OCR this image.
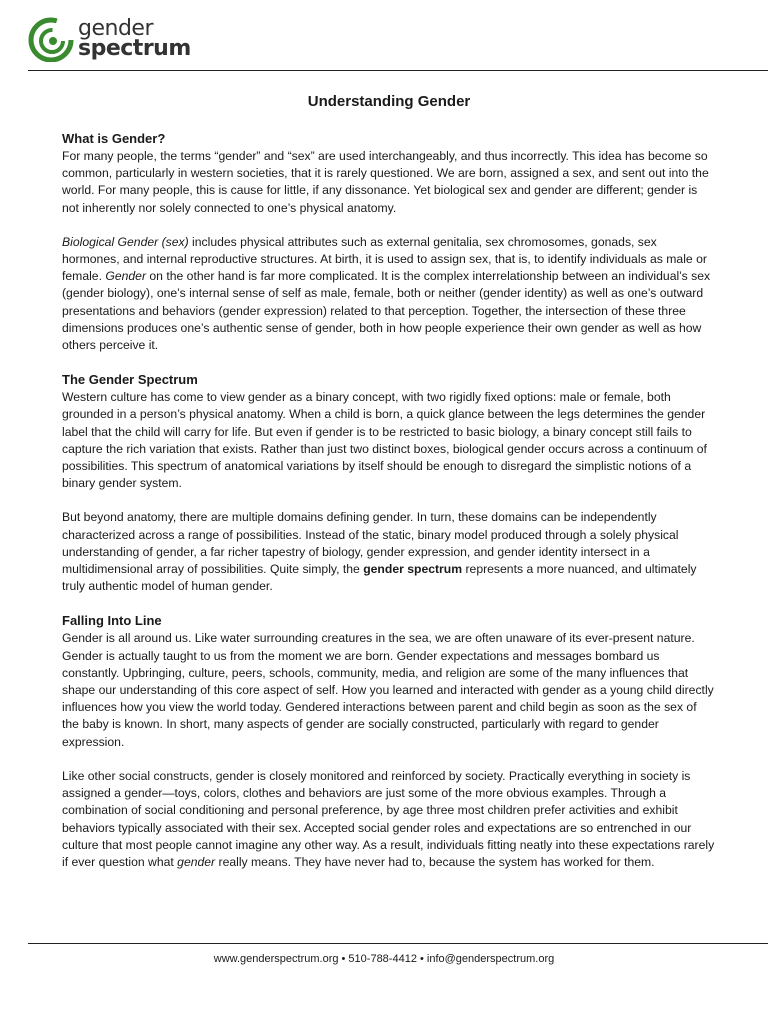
gender
spectrum
Understanding Gender
What is Gender?

For many people, the terms “gender” and “sex” are used interchangeably, and thus incorrectly. This idea has become so common, particularly in western societies, that it is rarely questioned. We are born, assigned a sex, and sent out into the world. For many people, this is cause for little, if any dissonance. Yet biological sex and gender are different; gender is not inherently nor solely connected to one’s physical anatomy.

Biological Gender (sex) includes physical attributes such as external genitalia, sex chromosomes, gonads, sex hormones, and internal reproductive structures. At birth, it is used to assign sex, that is, to identify individuals as male or female. Gender on the other hand is far more complicated. It is the complex interrelationship between an individual’s sex (gender biology), one’s internal sense of self as male, female, both or neither (gender identity) as well as one’s outward presentations and behaviors (gender expression) related to that perception. Together, the intersection of these three dimensions produces one’s authentic sense of gender, both in how people experience their own gender as well as how others perceive it.

The Gender Spectrum

Western culture has come to view gender as a binary concept, with two rigidly fixed options: male or female, both grounded in a person’s physical anatomy. When a child is born, a quick glance between the legs determines the gender label that the child will carry for life. But even if gender is to be restricted to basic biology, a binary concept still fails to capture the rich variation that exists. Rather than just two distinct boxes, biological gender occurs across a continuum of possibilities. This spectrum of anatomical variations by itself should be enough to disregard the simplistic notions of a binary gender system.

But beyond anatomy, there are multiple domains defining gender. In turn, these domains can be independently characterized across a range of possibilities. Instead of the static, binary model produced through a solely physical understanding of gender, a far richer tapestry of biology, gender expression, and gender identity intersect in a multidimensional array of possibilities. Quite simply, the gender spectrum represents a more nuanced, and ultimately truly authentic model of human gender.

Falling Into Line

Gender is all around us. Like water surrounding creatures in the sea, we are often unaware of its ever-present nature. Gender is actually taught to us from the moment we are born. Gender expectations and messages bombard us constantly. Upbringing, culture, peers, schools, community, media, and religion are some of the many influences that shape our understanding of this core aspect of self. How you learned and interacted with gender as a young child directly influences how you view the world today. Gendered interactions between parent and child begin as soon as the sex of the baby is known. In short, many aspects of gender are socially constructed, particularly with regard to gender expression.

Like other social constructs, gender is closely monitored and reinforced by society. Practically everything in society is assigned a gender—toys, colors, clothes and behaviors are just some of the more obvious examples. Through a combination of social conditioning and personal preference, by age three most children prefer activities and exhibit behaviors typically associated with their sex. Accepted social gender roles and expectations are so entrenched in our culture that most people cannot imagine any other way. As a result, individuals fitting neatly into these expectations rarely if ever question what gender really means. They have never had to, because the system has worked for them.

www.genderspectrum.org • 510-788-4412 • info@genderspectrum.org
